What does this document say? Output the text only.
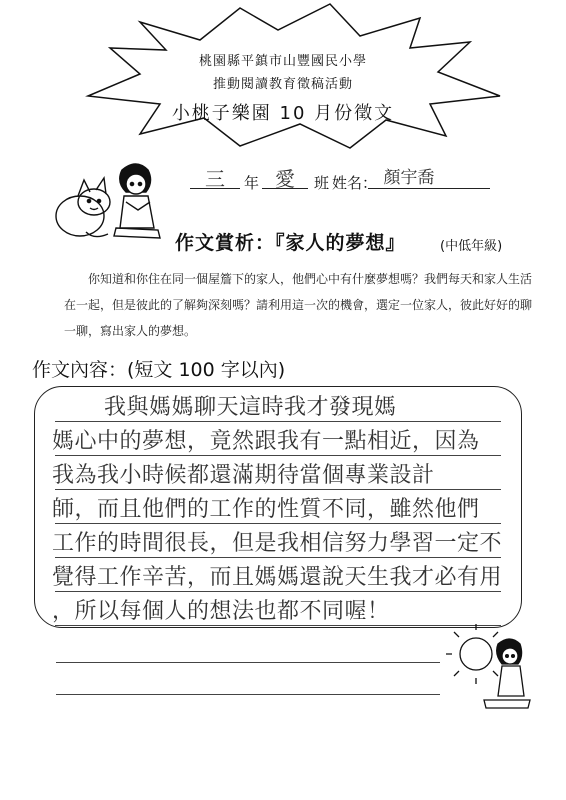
桃園縣平鎮市山豐國民小學
推動閱讀教育徵稿活動
小桃子樂園 10 月份徵文
三	年 愛	班 姓名： 顏宇喬
作文賞析：『家人的夢想』	(中低年級)
你知道和你住在同一個屋簷下的家人，他們心中有什麼夢想嗎？我們每天和家人生活在一起，但是彼此的了解夠深刻嗎？請利用這一次的機會，選定一位家人，彼此好好的聊一聊，寫出家人的夢想。
作文內容：(短文 100 字以內)
我與媽媽聊天這時我才發現媽
媽心中的夢想，竟然跟我有一點相近，因為
我為我小時候都還滿期待當個專業設計
師，而且他們的工作的性質不同，雖然他們
工作的時間很長，但是我相信努力學習一定不
覺得工作辛苦，而且媽媽還說天生我才必有用
，所以每個人的想法也都不同喔！
